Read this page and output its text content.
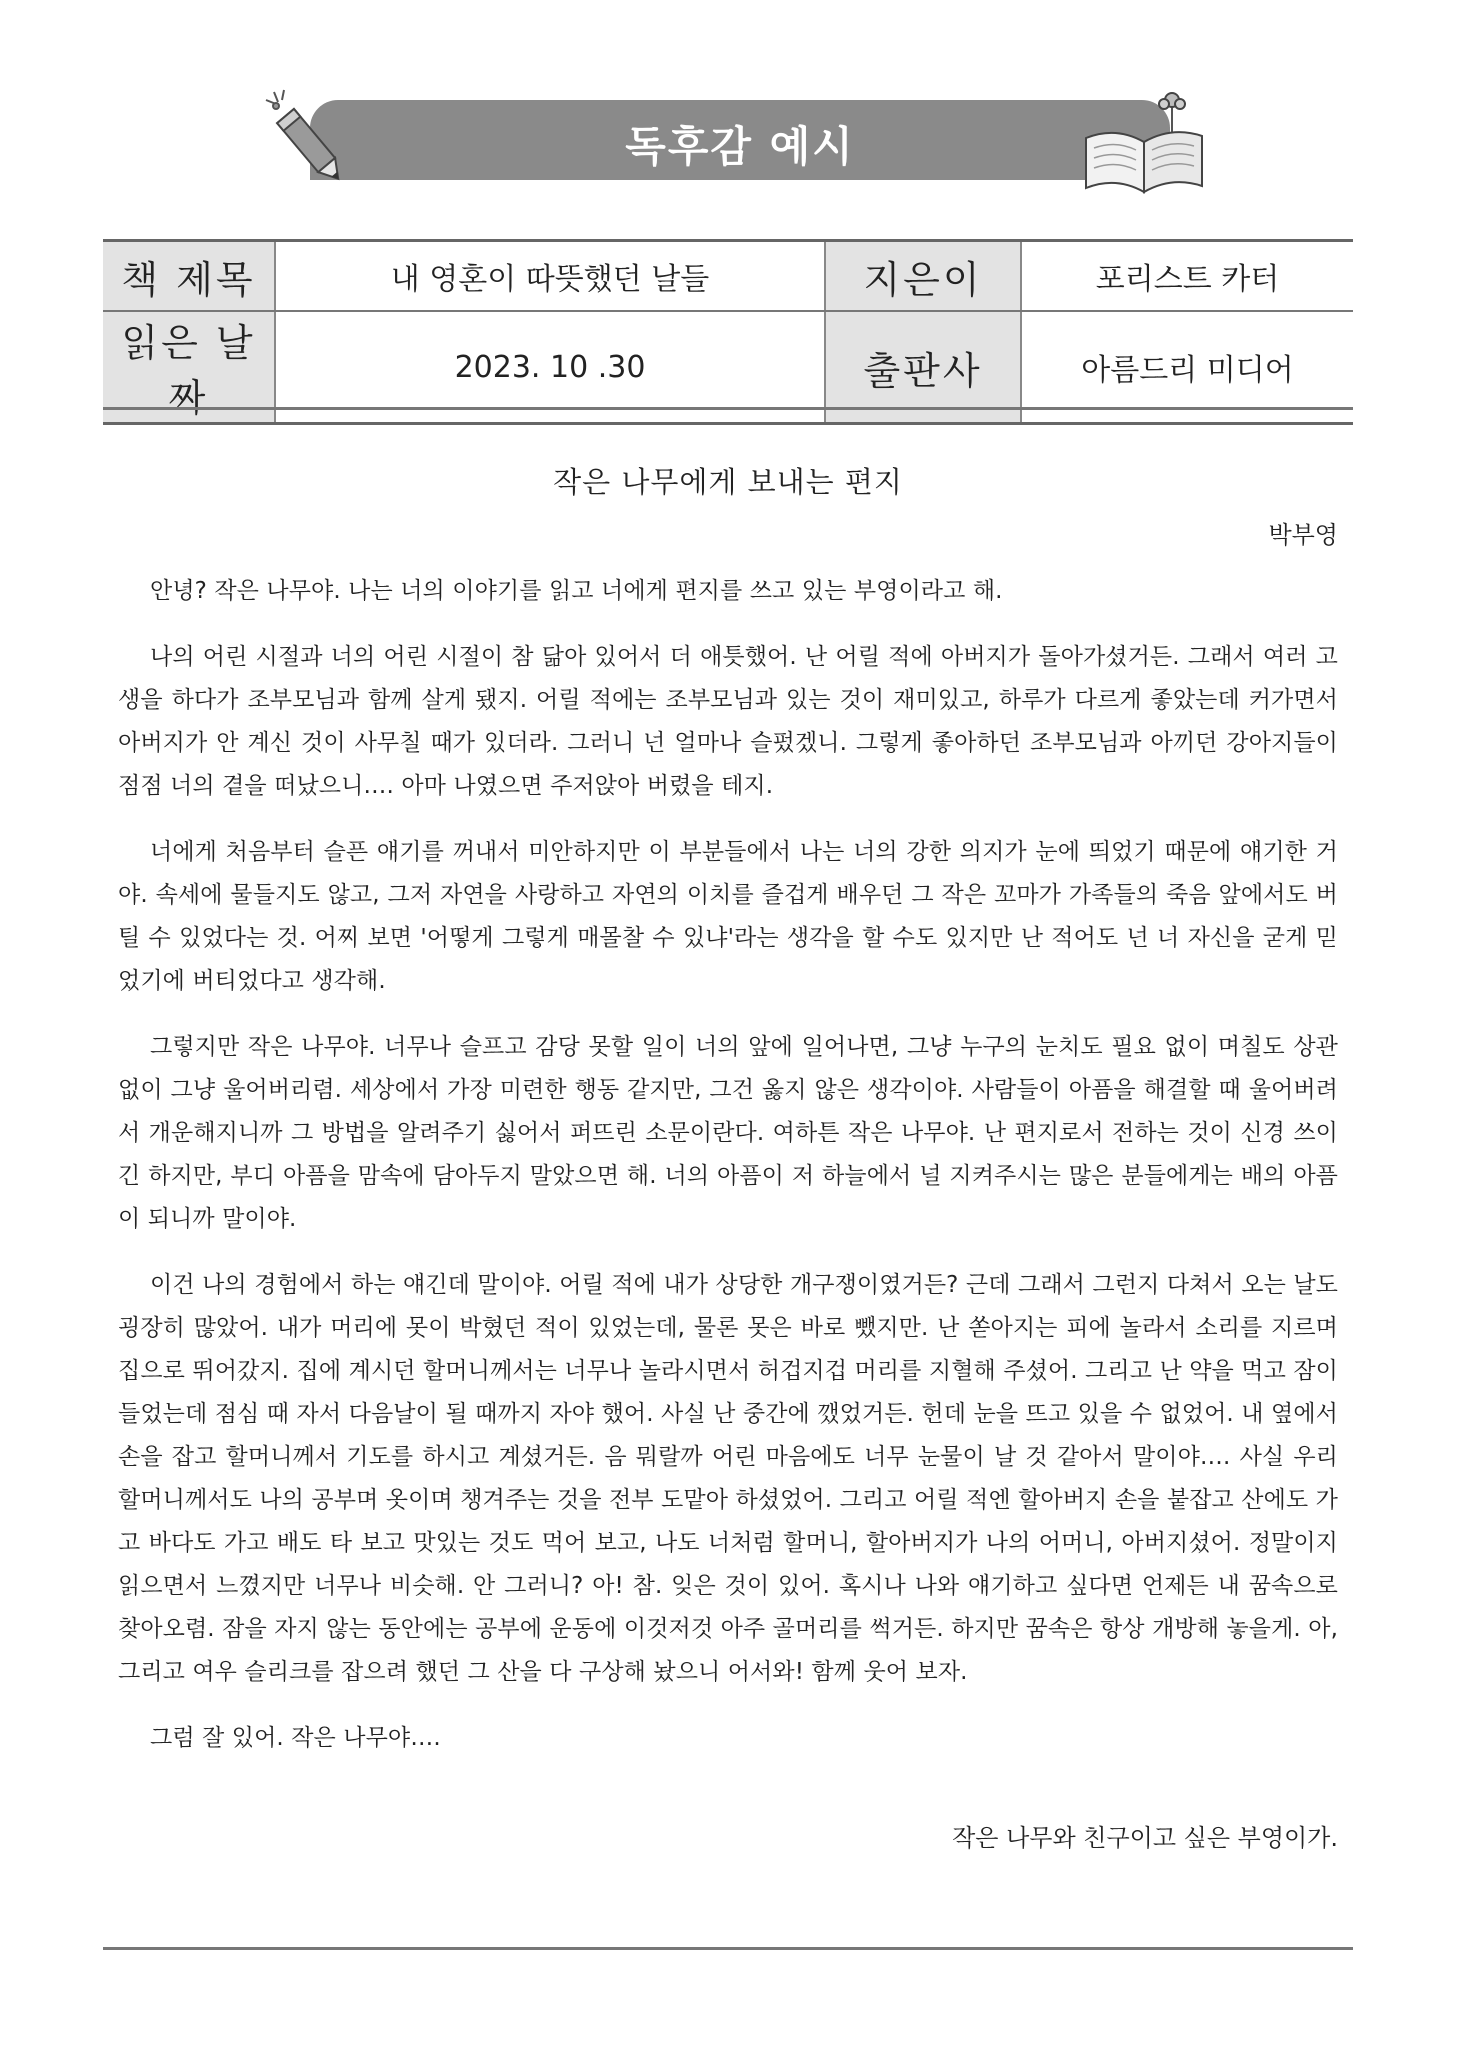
독후감 예시
책 제목	내 영혼이 따뜻했던 날들	지은이	포리스트 카터
읽은 날짜	2023. 10 .30	출판사	아름드리 미디어

작은 나무에게 보내는 편지

박부영

안녕? 작은 나무야. 나는 너의 이야기를 읽고 너에게 편지를 쓰고 있는 부영이라고 해.

나의 어린 시절과 너의 어린 시절이 참 닮아 있어서 더 애틋했어. 난 어릴 적에 아버지가 돌아가셨거든. 그래서 여러 고생을 하다가 조부모님과 함께 살게 됐지. 어릴 적에는 조부모님과 있는 것이 재미있고, 하루가 다르게 좋았는데 커가면서 아버지가 안 계신 것이 사무칠 때가 있더라. 그러니 넌 얼마나 슬펐겠니. 그렇게 좋아하던 조부모님과 아끼던 강아지들이 점점 너의 곁을 떠났으니…. 아마 나였으면 주저앉아 버렸을 테지.

너에게 처음부터 슬픈 얘기를 꺼내서 미안하지만 이 부분들에서 나는 너의 강한 의지가 눈에 띄었기 때문에 얘기한 거야. 속세에 물들지도 않고, 그저 자연을 사랑하고 자연의 이치를 즐겁게 배우던 그 작은 꼬마가 가족들의 죽음 앞에서도 버틸 수 있었다는 것. 어찌 보면 '어떻게 그렇게 매몰찰 수 있냐'라는 생각을 할 수도 있지만 난 적어도 넌 너 자신을 굳게 믿었기에 버티었다고 생각해.

그렇지만 작은 나무야. 너무나 슬프고 감당 못할 일이 너의 앞에 일어나면, 그냥 누구의 눈치도 필요 없이 며칠도 상관없이 그냥 울어버리렴. 세상에서 가장 미련한 행동 같지만, 그건 옳지 않은 생각이야. 사람들이 아픔을 해결할 때 울어버려서 개운해지니까 그 방법을 알려주기 싫어서 퍼뜨린 소문이란다. 여하튼 작은 나무야. 난 편지로서 전하는 것이 신경 쓰이긴 하지만, 부디 아픔을 맘속에 담아두지 말았으면 해. 너의 아픔이 저 하늘에서 널 지켜주시는 많은 분들에게는 배의 아픔이 되니까 말이야.

이건 나의 경험에서 하는 얘긴데 말이야. 어릴 적에 내가 상당한 개구쟁이였거든? 근데 그래서 그런지 다쳐서 오는 날도 굉장히 많았어. 내가 머리에 못이 박혔던 적이 있었는데, 물론 못은 바로 뺐지만. 난 쏟아지는 피에 놀라서 소리를 지르며 집으로 뛰어갔지. 집에 계시던 할머니께서는 너무나 놀라시면서 허겁지겁 머리를 지혈해 주셨어. 그리고 난 약을 먹고 잠이 들었는데 점심 때 자서 다음날이 될 때까지 자야 했어. 사실 난 중간에 깼었거든. 헌데 눈을 뜨고 있을 수 없었어. 내 옆에서 손을 잡고 할머니께서 기도를 하시고 계셨거든. 음 뭐랄까 어린 마음에도 너무 눈물이 날 것 같아서 말이야…. 사실 우리 할머니께서도 나의 공부며 옷이며 챙겨주는 것을 전부 도맡아 하셨었어. 그리고 어릴 적엔 할아버지 손을 붙잡고 산에도 가고 바다도 가고 배도 타 보고 맛있는 것도 먹어 보고, 나도 너처럼 할머니, 할아버지가 나의 어머니, 아버지셨어. 정말이지 읽으면서 느꼈지만 너무나 비슷해. 안 그러니? 아! 참. 잊은 것이 있어. 혹시나 나와 얘기하고 싶다면 언제든 내 꿈속으로 찾아오렴. 잠을 자지 않는 동안에는 공부에 운동에 이것저것 아주 골머리를 썩거든. 하지만 꿈속은 항상 개방해 놓을게. 아, 그리고 여우 슬리크를 잡으려 했던 그 산을 다 구상해 놨으니 어서와! 함께 웃어 보자.

그럼 잘 있어. 작은 나무야….

작은 나무와 친구이고 싶은 부영이가.
